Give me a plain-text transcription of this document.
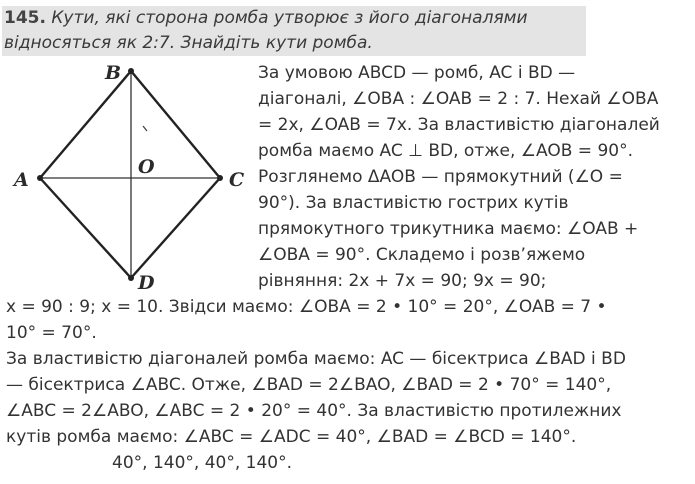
145. Кути, які сторона ромба утворює з його діагоналями
відносяться як 2:7. Знайдіть кути ромба.
B
A
O
C
D
За умовою ABCD — ромб, AC і BD —
діагоналі, ∠OBA : ∠OAB = 2 : 7. Нехай ∠OBA
= 2x, ∠OAB = 7x. За властивістю діагоналей
ромба маємо AC ⊥ BD, отже, ∠AOB = 90°.
Розглянемо ΔAOB — прямокутний (∠O =
90°). За властивістю гострих кутів
прямокутного трикутника маємо: ∠OAB +
∠OBA = 90°. Складемо і розв’яжемо
рівняння: 2x + 7x = 90; 9x = 90;
x = 90 : 9; x = 10. Звідси маємо: ∠OBA = 2 • 10° = 20°, ∠OAB = 7 •
10° = 70°.
За властивістю діагоналей ромба маємо: AC — бісектриса ∠BAD і BD
— бісектриса ∠ABC. Отже, ∠BAD = 2∠BAO, ∠BAD = 2 • 70° = 140°,
∠ABC = 2∠ABO, ∠ABC = 2 • 20° = 40°. За властивістю протилежних
кутів ромба маємо: ∠ABC = ∠ADC = 40°, ∠BAD = ∠BCD = 140°.
40°, 140°, 40°, 140°.
